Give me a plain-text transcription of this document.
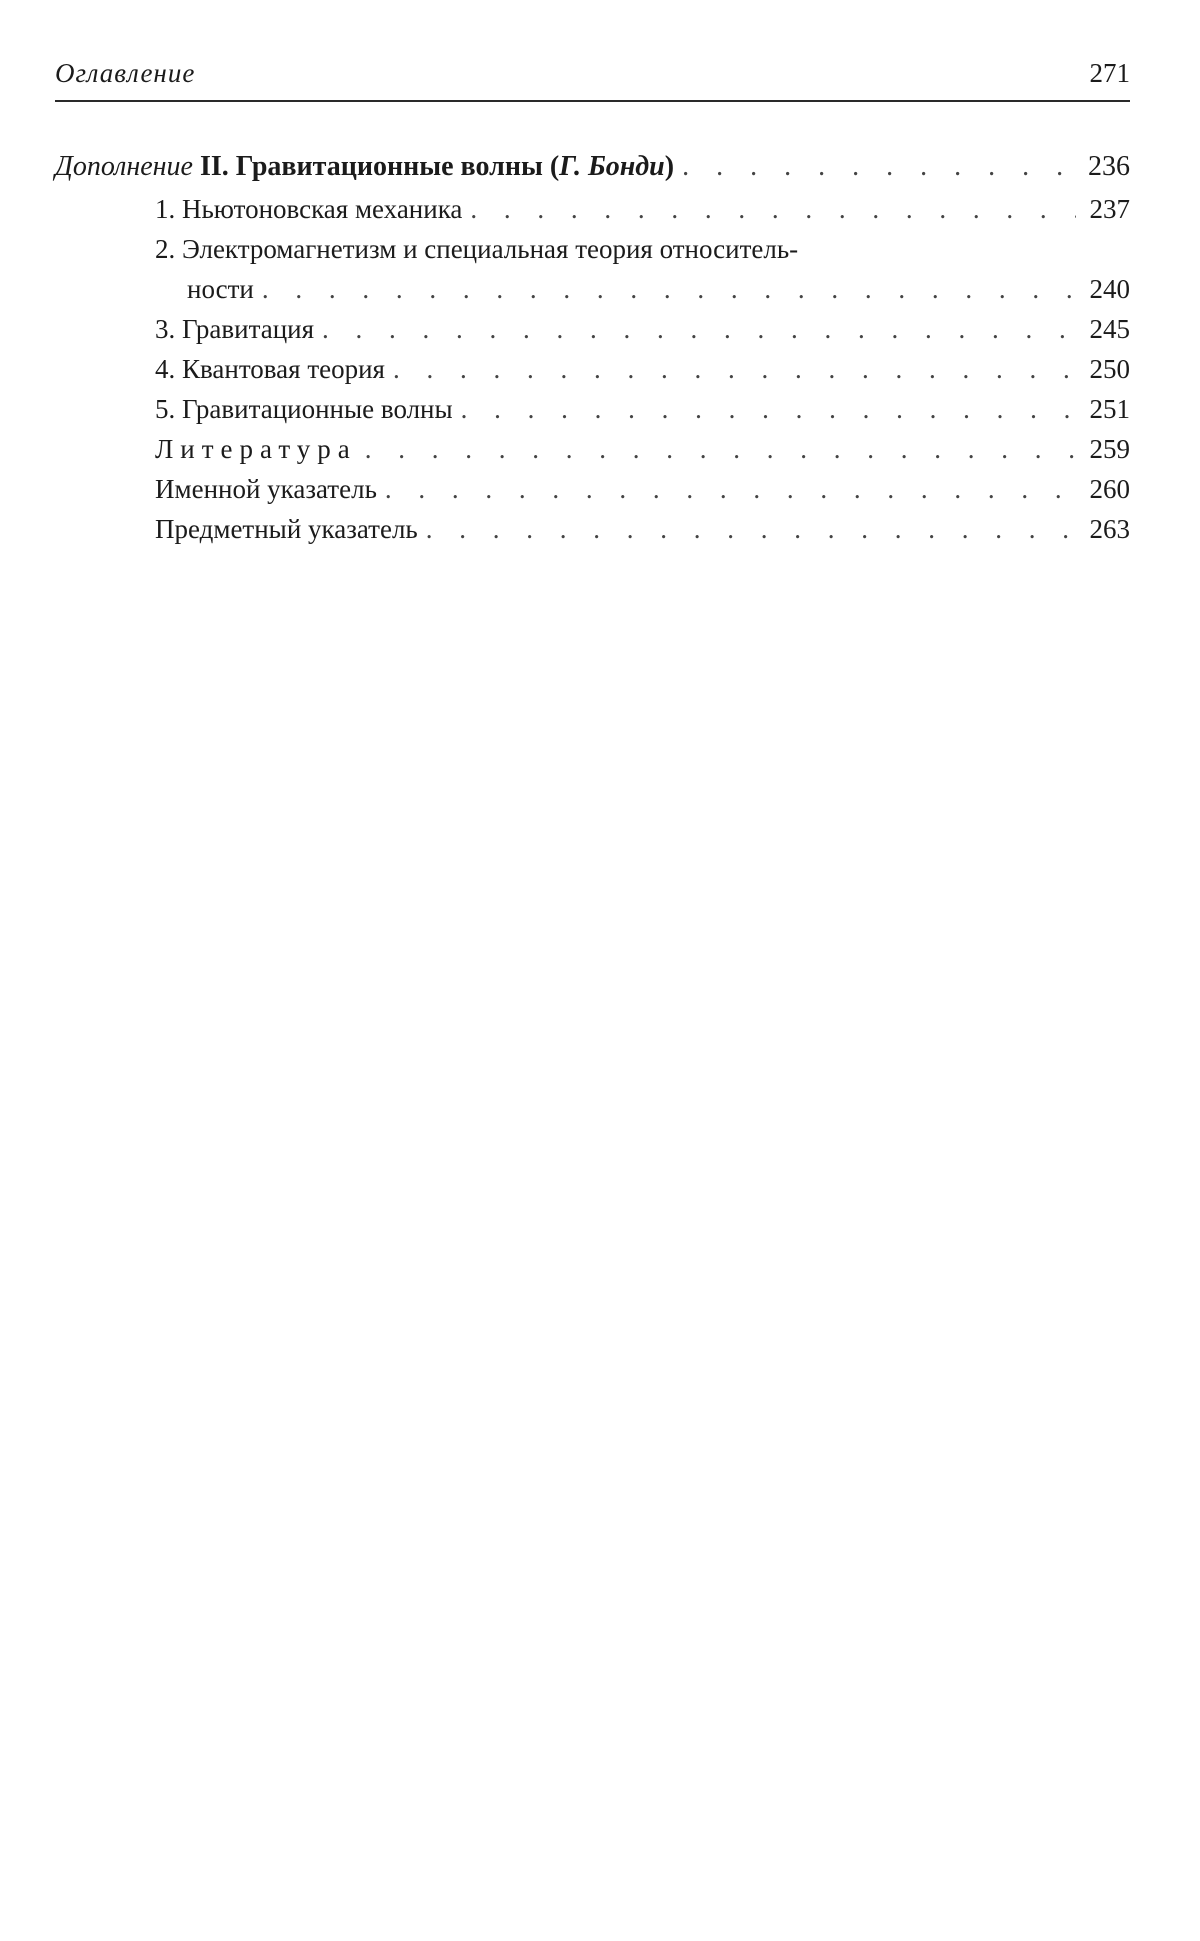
Оглавление	271
Дополнение II. Гравитационные волны (Г. Бонди) . . .	236
1. Ньютоновская механика . . .	237
2. Электромагнетизм и специальная теория относитель-
ности . . .	240
3. Гравитация . . .	245
4. Квантовая теория . . .	250
5. Гравитационные волны . . .	251
Литература . . .	259
Именной указатель . . .	260
Предметный указатель . . .	263
